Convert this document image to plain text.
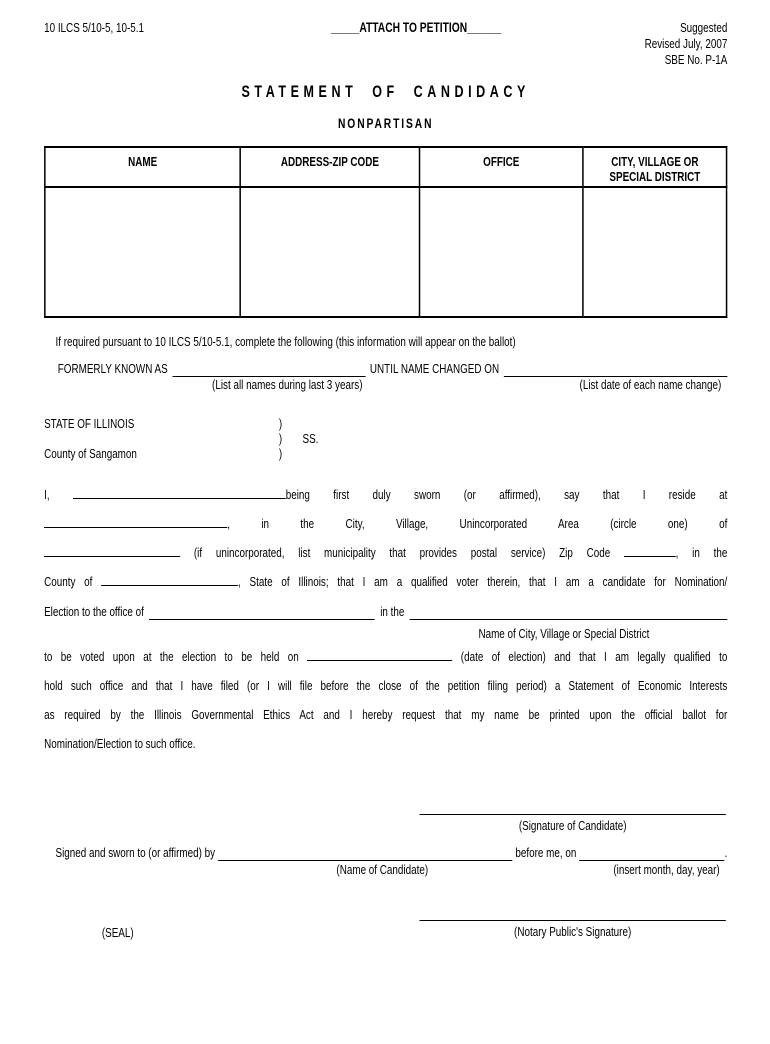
10 ILCS 5/10-5, 10-5.1	_____ATTACH TO PETITION______	Suggested
Revised July, 2007
SBE No. P-1A
STATEMENT OF CANDIDACY
NONPARTISAN
NAME	ADDRESS-ZIP CODE	OFFICE	CITY, VILLAGE OR SPECIAL DISTRICT

If required pursuant to 10 ILCS 5/10-5.1, complete the following (this information will appear on the ballot)
FORMERLY KNOWN AS	UNTIL NAME CHANGED ON
(List all names during last 3 years)	(List date of each name change)
STATE OF ILLINOIS	)
) SS.
County of Sangamon	)
I,	being first duly sworn (or affirmed), say that I reside at
, in the City, Village, Unincorporated Area (circle one) of
(if unincorporated, list municipality that provides postal service) Zip Code	, in the
County of	, State of Illinois; that I am a qualified voter therein, that I am a candidate for Nomination/
Election to the office of	in the
Name of City, Village or Special District
to be voted upon at the election to be held on	(date of election) and that I am legally qualified to
hold such office and that I have filed (or I will file before the close of the petition filing period) a Statement of Economic Interests
as required by the Illinois Governmental Ethics Act and I hereby request that my name be printed upon the official ballot for
Nomination/Election to such office.
(Signature of Candidate)
Signed and sworn to (or affirmed) by	before me, on	.
(Name of Candidate)	(insert month, day, year)
(SEAL)	(Notary Public's Signature)
